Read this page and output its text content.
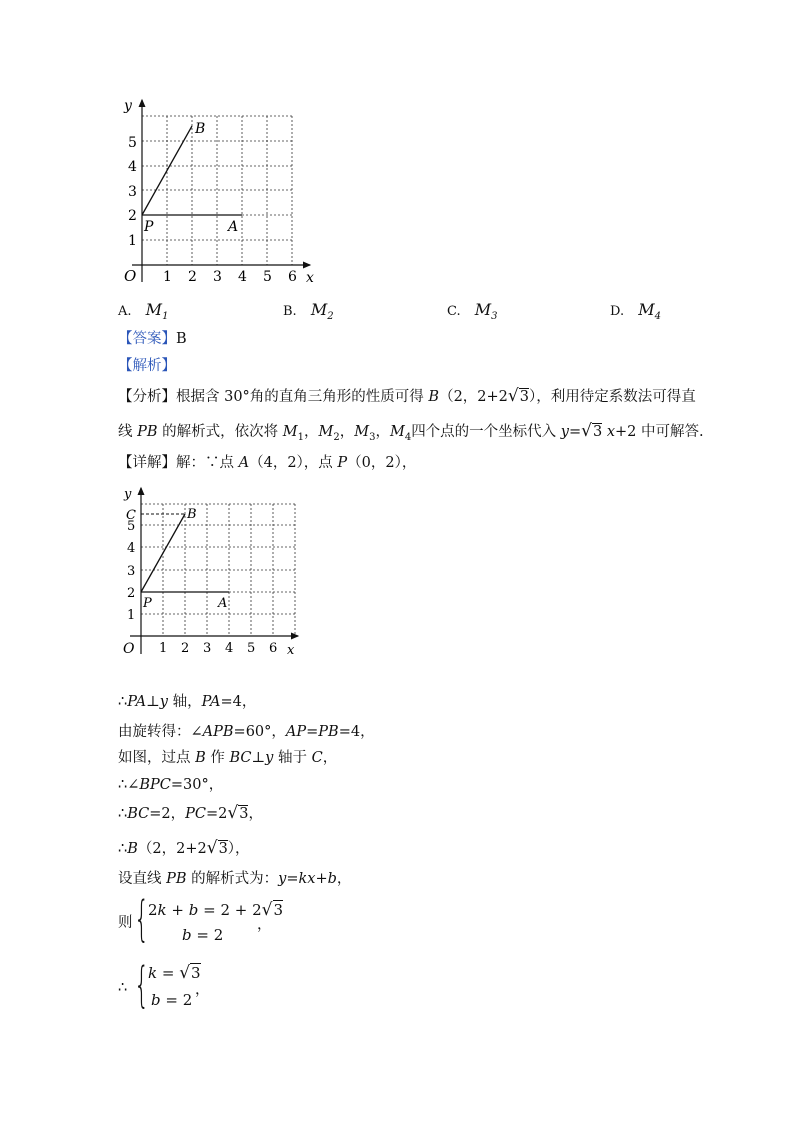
y
x
O 1 2 3 4 5 6
1
2
3
4
5
B
P	A
A. $M_1$	B. $M_2$	C. $M_3$	D. $M_4$
【答案】B
【解析】
【分析】根据含 30°角的直角三角形的性质可得 B（2，2+2√3），利用待定系数法可得直
线 PB 的解析式，依次将 $M_1$，$M_2$，$M_3$，$M_4$四个点的一个坐标代入 y=√3 x+2 中可解答.
【详解】解：∵点 A（4，2），点 P（0，2），
y
x
O 1 2 3 4 5 6
1
2
3
4
5
C	B
P	A
∴PA⊥y 轴，PA=4，
由旋转得：∠APB=60°，AP=PB=4，
如图，过点 B 作 BC⊥y 轴于 C，
∴∠BPC=30°，
∴BC=2，PC=2√3，
∴B（2，2+2√3），
设直线 PB 的解析式为：y=kx+b，
则 {
2k + b = 2 + 2√3
b = 2
，
∴ {
k = √3
b = 2
，
